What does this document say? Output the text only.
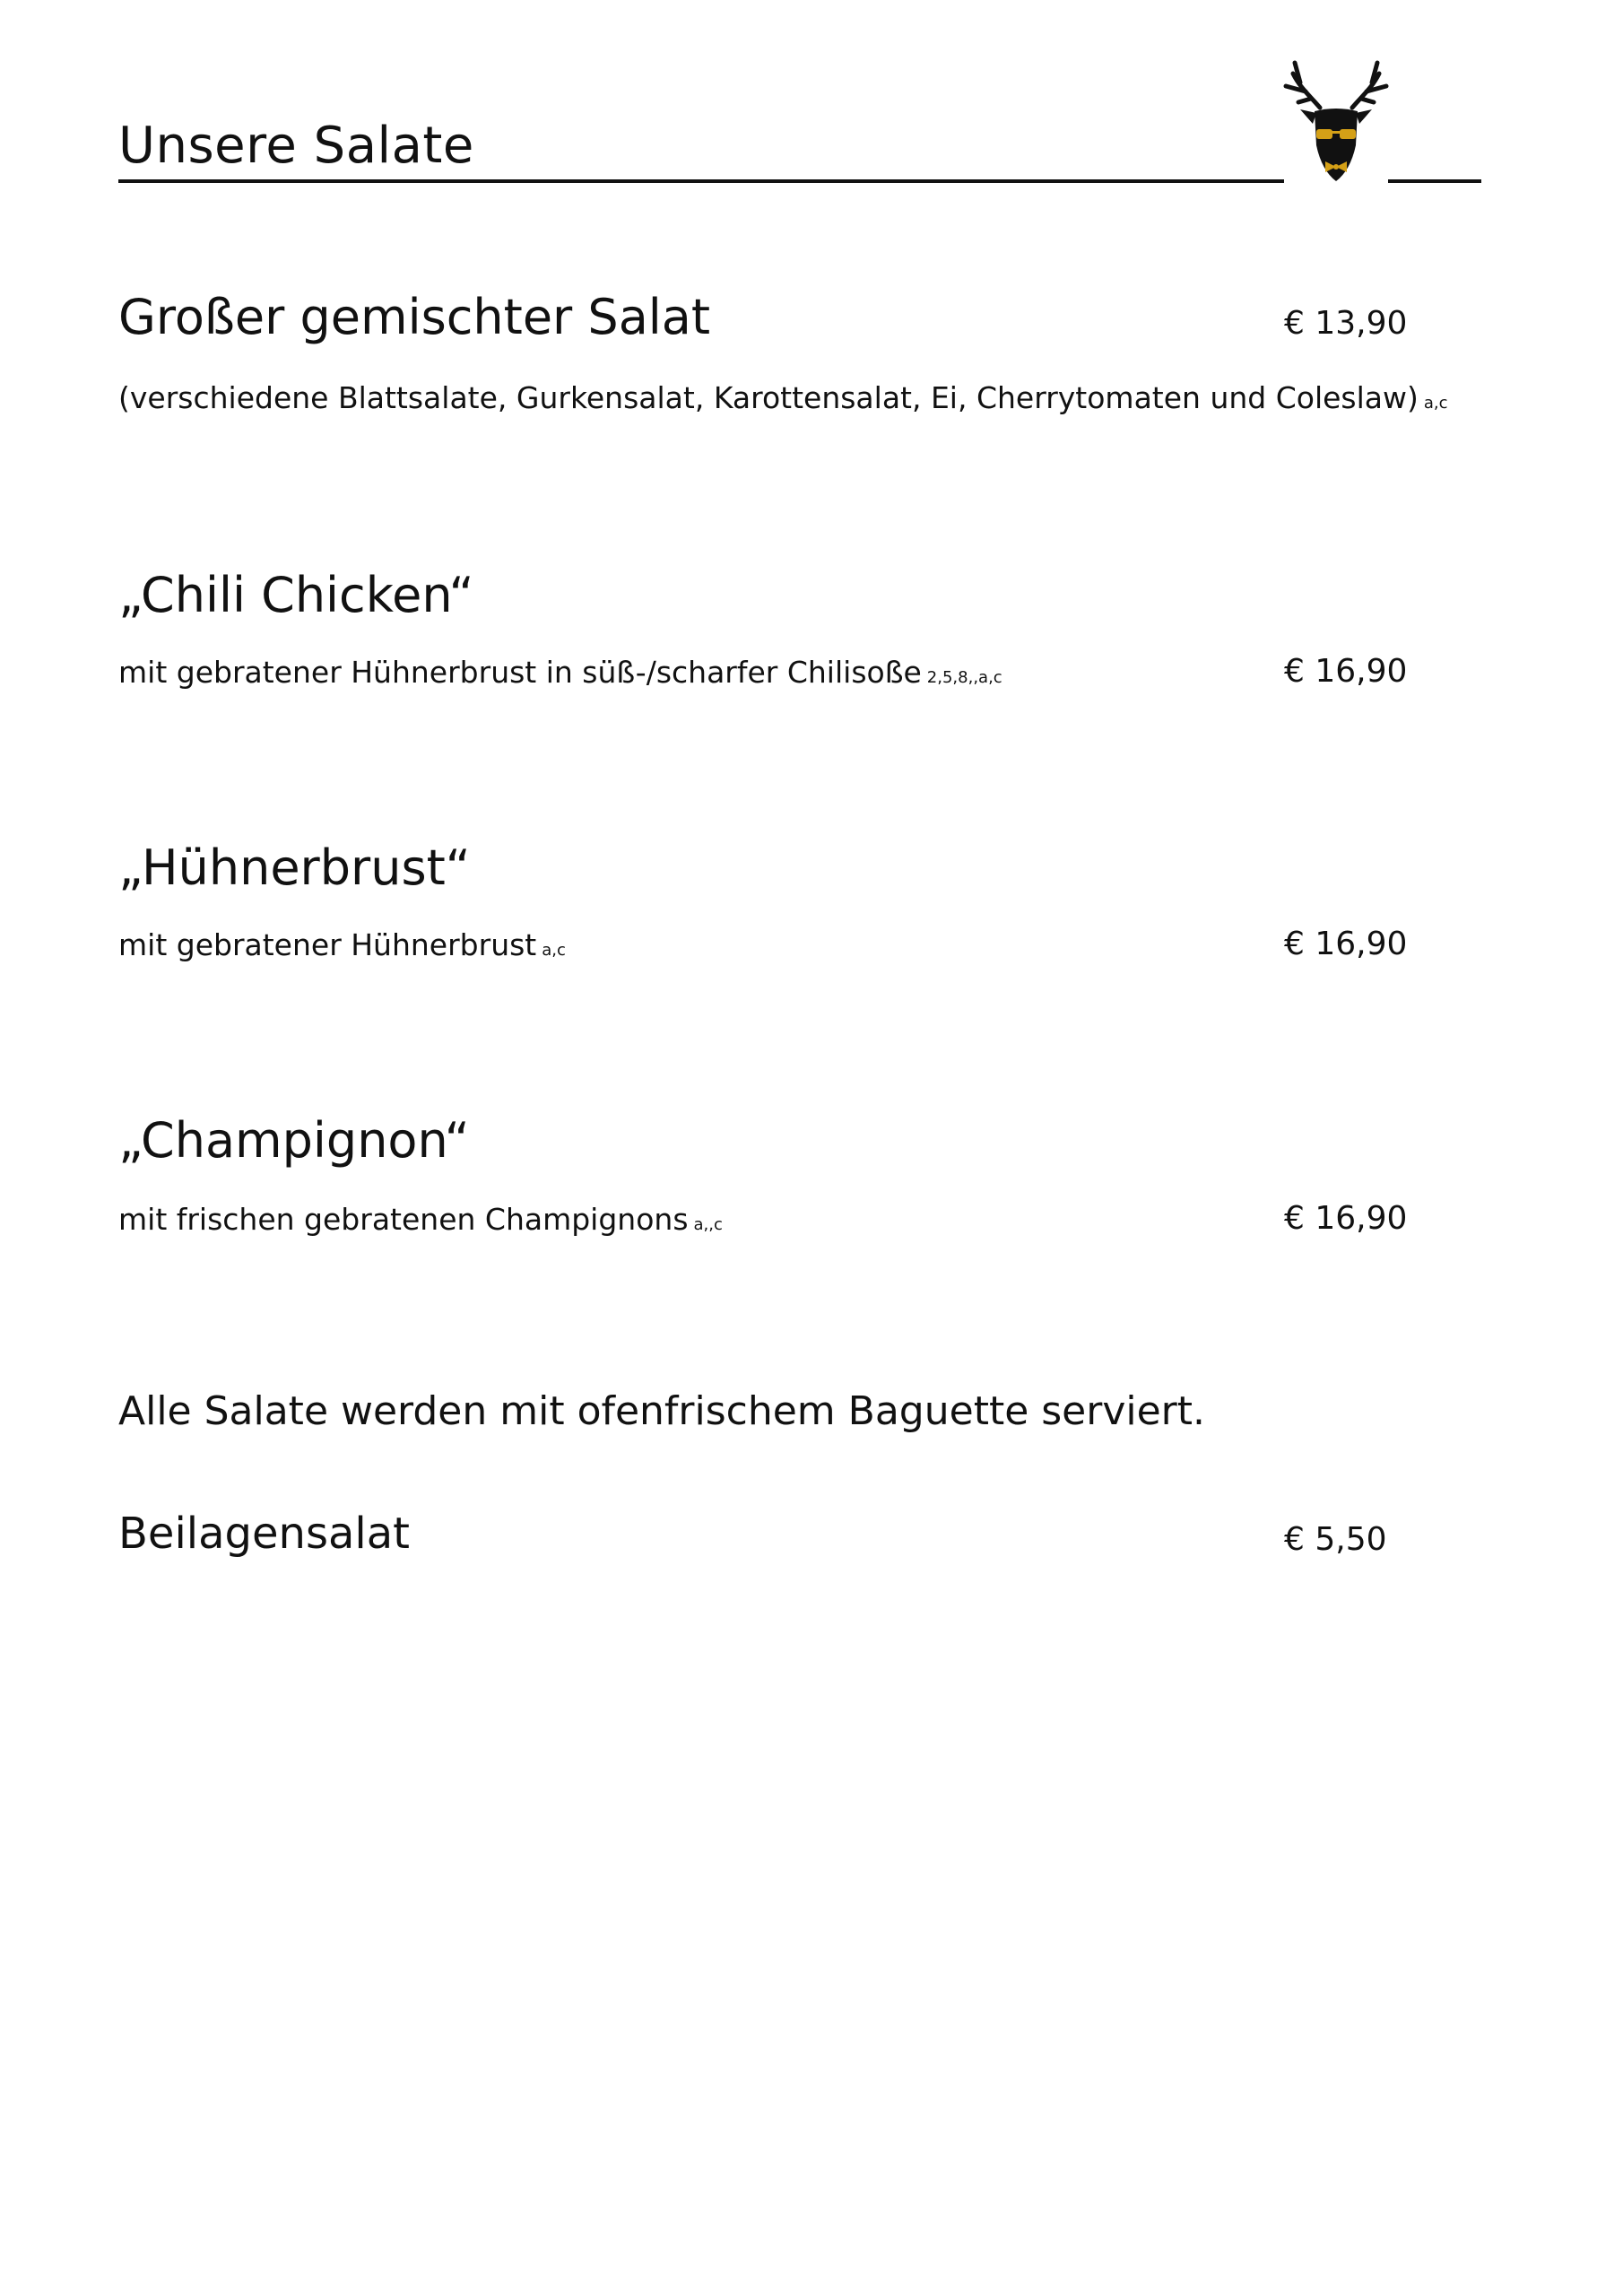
Unsere Salate
Großer gemischter Salat	€ 13,90
(verschiedene Blattsalate, Gurkensalat, Karottensalat, Ei, Cherrytomaten und Coleslaw) a,c
„Chili Chicken“
mit gebratener Hühnerbrust in süß-/scharfer Chilisoße 2,5,8,,a,c	€ 16,90
„Hühnerbrust“
mit gebratener Hühnerbrust a,c	€ 16,90
„Champignon“
mit frischen gebratenen Champignons a,,c	€ 16,90
Alle Salate werden mit ofenfrischem Baguette serviert.
Beilagensalat	€ 5,50
